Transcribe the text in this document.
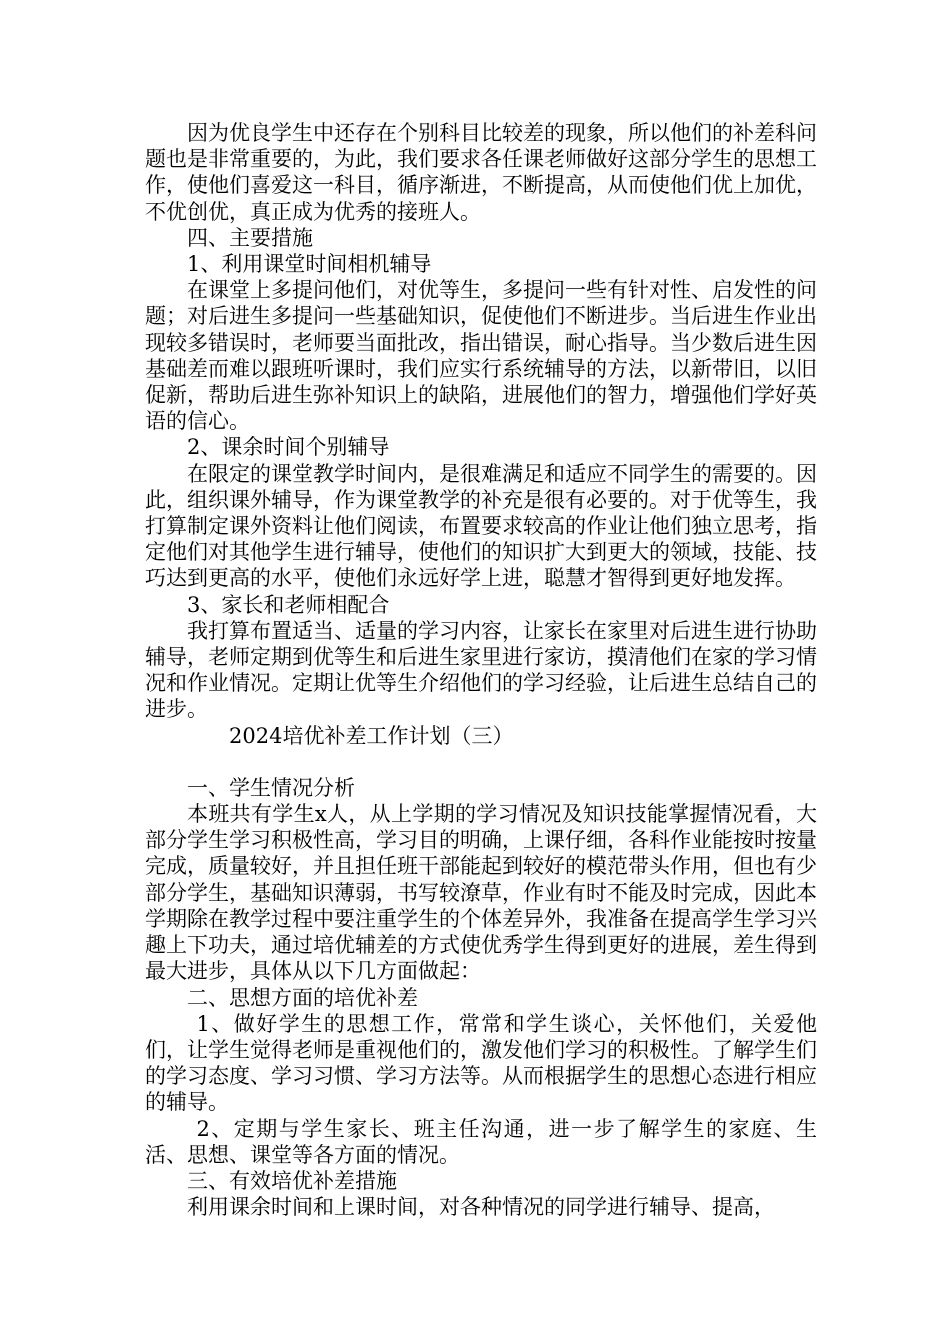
因为优良学生中还存在个别科目比较差的现象，所以他们的补差科问题也是非常重要的，为此，我们要求各任课老师做好这部分学生的思想工作，使他们喜爱这一科目，循序渐进，不断提高，从而使他们优上加优，不优创优，真正成为优秀的接班人。

四、主要措施

1、利用课堂时间相机辅导

在课堂上多提问他们，对优等生，多提问一些有针对性、启发性的问题；对后进生多提问一些基础知识，促使他们不断进步。当后进生作业出现较多错误时，老师要当面批改，指出错误，耐心指导。当少数后进生因基础差而难以跟班听课时，我们应实行系统辅导的方法，以新带旧，以旧促新，帮助后进生弥补知识上的缺陷，进展他们的智力，增强他们学好英语的信心。

2、课余时间个别辅导

在限定的课堂教学时间内，是很难满足和适应不同学生的需要的。因此，组织课外辅导，作为课堂教学的补充是很有必要的。对于优等生，我打算制定课外资料让他们阅读，布置要求较高的作业让他们独立思考，指定他们对其他学生进行辅导，使他们的知识扩大到更大的领域，技能、技巧达到更高的水平，使他们永远好学上进，聪慧才智得到更好地发挥。

3、家长和老师相配合

我打算布置适当、适量的学习内容，让家长在家里对后进生进行协助辅导，老师定期到优等生和后进生家里进行家访，摸清他们在家的学习情况和作业情况。定期让优等生介绍他们的学习经验，让后进生总结自己的进步。

2024培优补差工作计划（三）

一、学生情况分析

本班共有学生x人，从上学期的学习情况及知识技能掌握情况看，大部分学生学习积极性高，学习目的明确，上课仔细，各科作业能按时按量完成，质量较好，并且担任班干部能起到较好的模范带头作用，但也有少部分学生，基础知识薄弱，书写较潦草，作业有时不能及时完成，因此本学期除在教学过程中要注重学生的个体差异外，我准备在提高学生学习兴趣上下功夫，通过培优辅差的方式使优秀学生得到更好的进展，差生得到最大进步，具体从以下几方面做起：

二、思想方面的培优补差

1、做好学生的思想工作，常常和学生谈心，关怀他们，关爱他们，让学生觉得老师是重视他们的，激发他们学习的积极性。了解学生们的学习态度、学习习惯、学习方法等。从而根据学生的思想心态进行相应的辅导。

2、定期与学生家长、班主任沟通，进一步了解学生的家庭、生活、思想、课堂等各方面的情况。

三、有效培优补差措施

利用课余时间和上课时间，对各种情况的同学进行辅导、提高，
